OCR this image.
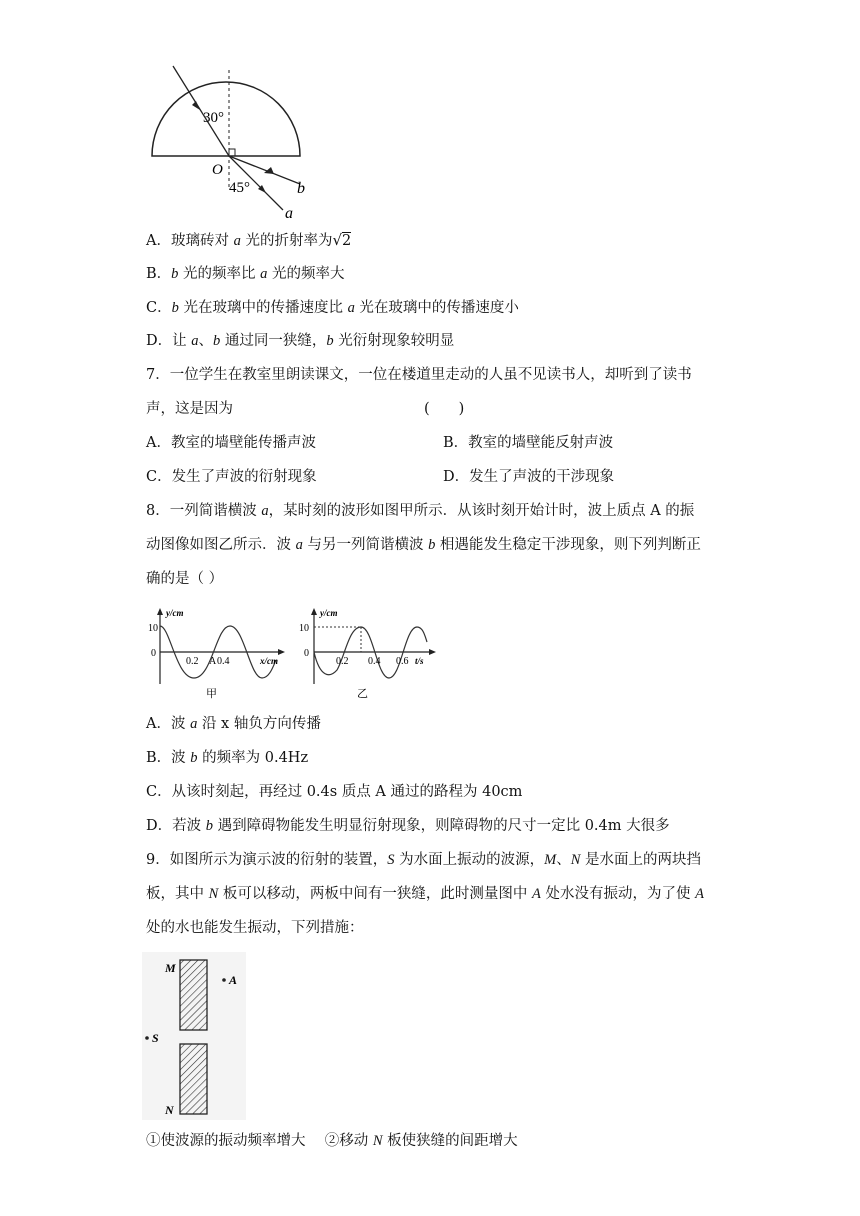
30°
O
45°	b
a
A．玻璃砖对 a 光的折射率为√2
B．b 光的频率比 a 光的频率大
C．b 光在玻璃中的传播速度比 a 光在玻璃中的传播速度小
D．让 a、b 通过同一狭缝，b 光衍射现象较明显
7．一位学生在教室里朗读课文，一位在楼道里走动的人虽不见读书人，却听到了读书
声，这是因为	(　　)
A．教室的墙壁能传播声波	B．教室的墙壁能反射声波
C．发生了声波的衍射现象	D．发生了声波的干涉现象
8．一列简谐横波 a，某时刻的波形如图甲所示．从该时刻开始计时，波上质点 A 的振
动图像如图乙所示．波 a 与另一列简谐横波 b 相遇能发生稳定干涉现象，则下列判断正
确的是（ ）
y/cm
10
0
0.2 A 0.4	x/cm
甲
y/cm
10
0
0.2 0.4 0.6 t/s
乙
A．波 a 沿 x 轴负方向传播
B．波 b 的频率为 0.4Hz
C．从该时刻起，再经过 0.4s 质点 A 通过的路程为 40cm
D．若波 b 遇到障碍物能发生明显衍射现象，则障碍物的尺寸一定比 0.4m 大很多
9．如图所示为演示波的衍射的装置，S 为水面上振动的波源，M、N 是水面上的两块挡
板，其中 N 板可以移动，两板中间有一狭缝，此时测量图中 A 处水没有振动，为了使 A
处的水也能发生振动，下列措施：
M
N
A
S
①使波源的振动频率增大 ②移动 N 板使狭缝的间距增大
